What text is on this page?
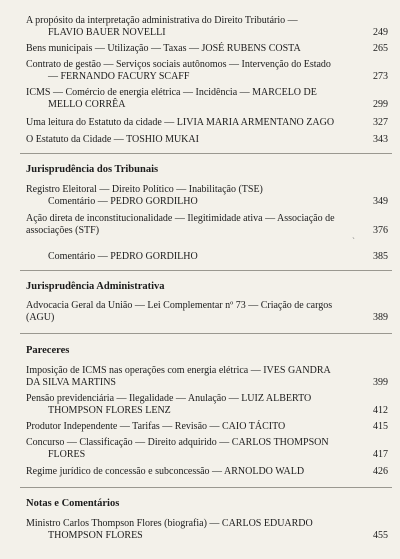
A propósito da interpretação administrativa do Direito Tributário —
FLAVIO BAUER NOVELLI	249
Bens municipais — Utilização — Taxas — JOSÉ RUBENS COSTA	265
Contrato de gestão — Serviços sociais autônomos — Intervenção do Estado
— FERNANDO FACURY SCAFF	273
ICMS — Comércio de energia elétrica — Incidência — MARCELO DE
MELLO CORRÊA	299
Uma leitura do Estatuto da cidade — LIVIA MARIA ARMENTANO ZAGO	327
O Estatuto da Cidade — TOSHIO MUKAI	343
Jurisprudência dos Tribunais
Registro Eleitoral — Direito Político — Inabilitação (TSE)
Comentário — PEDRO GORDILHO	349
Ação direta de inconstitucionalidade — Ilegitimidade ativa — Associação de
associações (STF)	376
ˎ
Comentário — PEDRO GORDILHO	385
Jurisprudência Administrativa
Advocacia Geral da União — Lei Complementar nº 73 — Criação de cargos
(AGU)	389
Pareceres
Imposição de ICMS nas operações com energia elétrica — IVES GANDRA
DA SILVA MARTINS	399
Pensão previdenciária — Ilegalidade — Anulação — LUIZ ALBERTO
THOMPSON FLORES LENZ	412
Produtor Independente — Tarifas — Revisão — CAIO TÁCITO	415
Concurso — Classificação — Direito adquirido — CARLOS THOMPSON
FLORES	417
Regime jurídico de concessão e subconcessão — ARNOLDO WALD	426
Notas e Comentários
Ministro Carlos Thompson Flores (biografia) — CARLOS EDUARDO
THOMPSON FLORES	455
